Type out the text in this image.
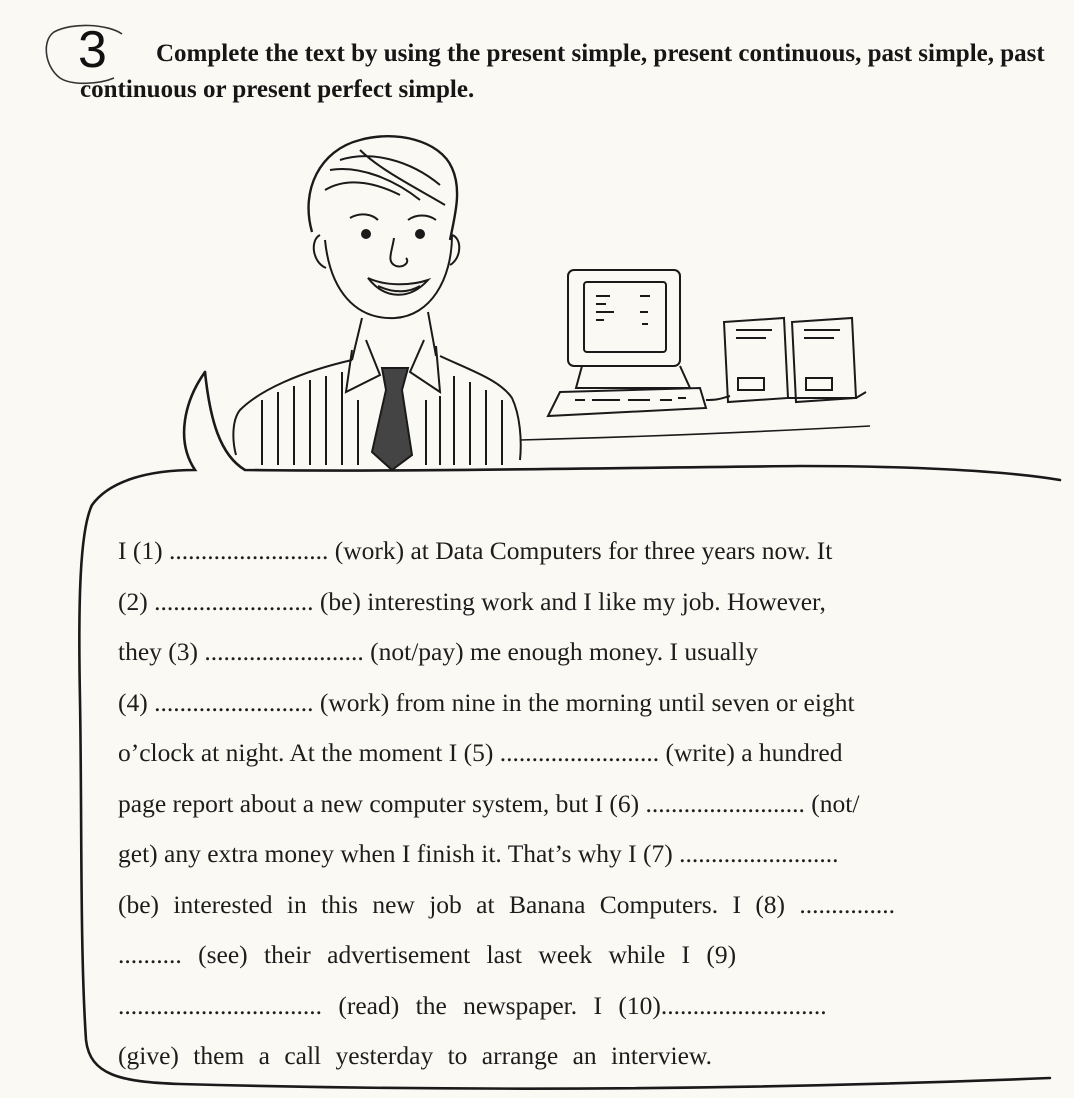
3	Complete the text by using the present simple, present continuous, past simple, past continuous or present perfect simple.
I (1) ......................... (work) at Data Computers for three years now. It
(2) ......................... (be) interesting work and I like my job. However,
they (3) ......................... (not/pay) me enough money. I usually
(4) ......................... (work) from nine in the morning until seven or eight
o’clock at night. At the moment I (5) ......................... (write) a hundred
page report about a new computer system, but I (6) ......................... (not/
get) any extra money when I finish it. That’s why I (7) .........................
(be) interested in this new job at Banana Computers. I (8) ...............
.......... (see) their advertisement last week while I (9)
................................ (read) the newspaper. I (10)..........................
(give) them a call yesterday to arrange an interview.
